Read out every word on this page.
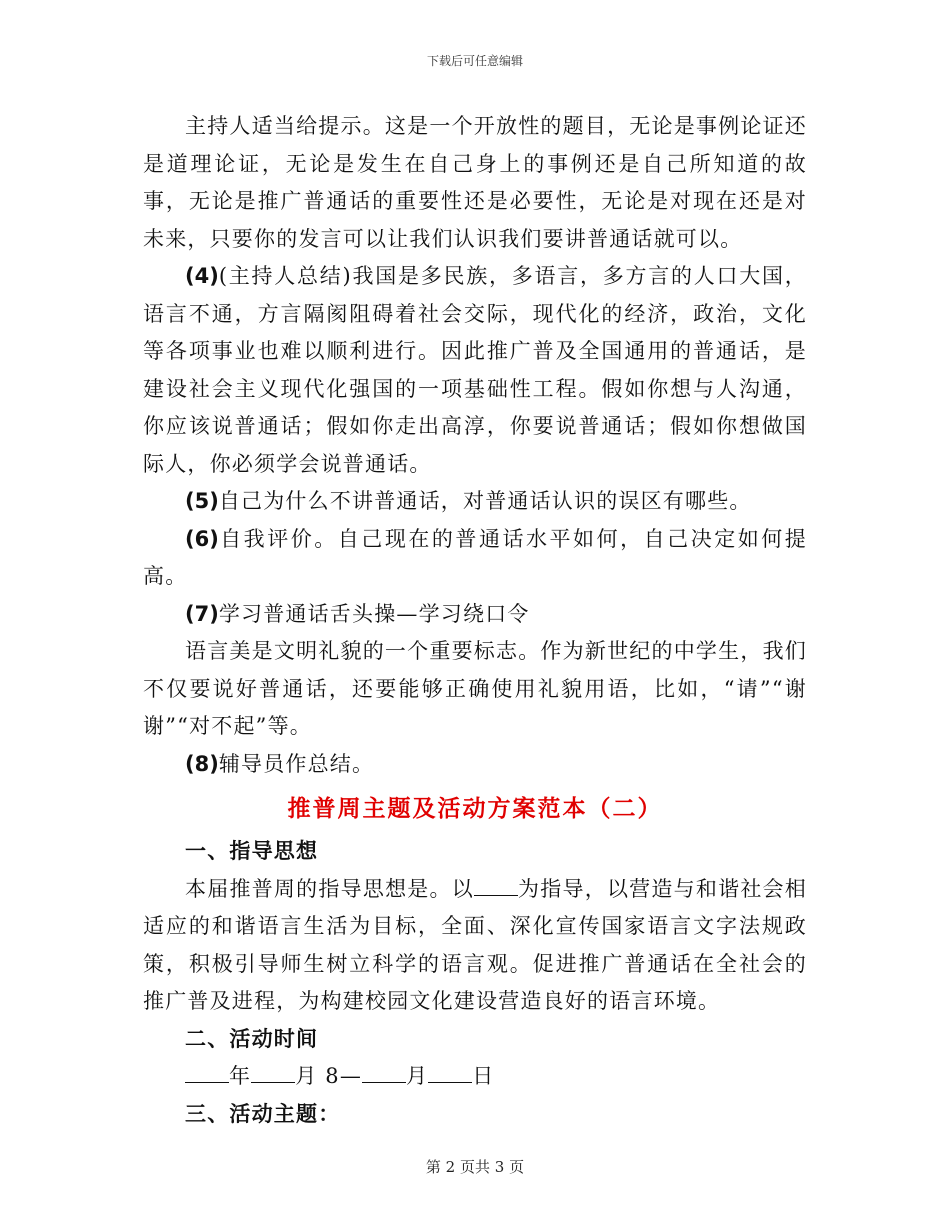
下载后可任意编辑

主持人适当给提示。这是一个开放性的题目，无论是事例论证还是道理论证，无论是发生在自己身上的事例还是自己所知道的故事，无论是推广普通话的重要性还是必要性，无论是对现在还是对未来，只要你的发言可以让我们认识我们要讲普通话就可以。

(4)(主持人总结)我国是多民族，多语言，多方言的人口大国，语言不通，方言隔阂阻碍着社会交际，现代化的经济，政治，文化等各项事业也难以顺利进行。因此推广普及全国通用的普通话，是建设社会主义现代化强国的一项基础性工程。假如你想与人沟通，你应该说普通话；假如你走出高淳，你要说普通话；假如你想做国际人，你必须学会说普通话。

(5)自己为什么不讲普通话，对普通话认识的误区有哪些。

(6)自我评价。自己现在的普通话水平如何，自己决定如何提高。

(7)学习普通话舌头操—学习绕口令

语言美是文明礼貌的一个重要标志。作为新世纪的中学生，我们不仅要说好普通话，还要能够正确使用礼貌用语，比如，“请”“谢谢”“对不起”等。

(8)辅导员作总结。

推普周主题及活动方案范本（二）

一、指导思想

本届推普周的指导思想是。以 为指导，以营造与和谐社会相适应的和谐语言生活为目标，全面、深化宣传国家语言文字法规政策，积极引导师生树立科学的语言观。促进推广普通话在全社会的推广普及进程，为构建校园文化建设营造良好的语言环境。

二、活动时间

年 月 8— 月 日

三、活动主题：

第 2 页共 3 页
